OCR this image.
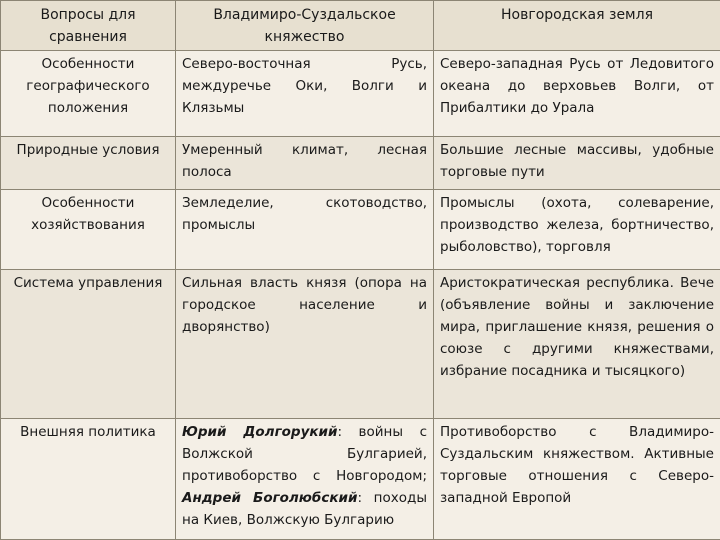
Вопросы для сравнения	Владимиро-Суздальское княжество	Новгородская земля
Особенности географического положения	Северо-восточная Русь, междуречье Оки, Волги и Клязьмы	Северо-западная Русь от Ледовитого океана до верховьев Волги, от Прибалтики до Урала
Природные условия	Умеренный климат, лесная полоса	Большие лесные массивы, удобные торговые пути
Особенности хозяйствования	Земледелие, скотоводство, промыслы	Промыслы (охота, солеварение, производство железа, бортничество, рыболовство), торговля
Система управления	Сильная власть князя (опора на городское население и дворянство)	Аристократическая республика. Вече (объявление войны и заключение мира, приглашение князя, решения о союзе с другими княжествами, избрание посадника и тысяцкого)
Внешняя политика	Юрий Долгорукий: войны с Волжской Булгарией, противоборство с Новгородом; Андрей Боголюбский: походы на Киев, Волжскую Булгарию	Противоборство с Владимиро-Суздальским княжеством. Активные торговые отношения с Северо-западной Европой
